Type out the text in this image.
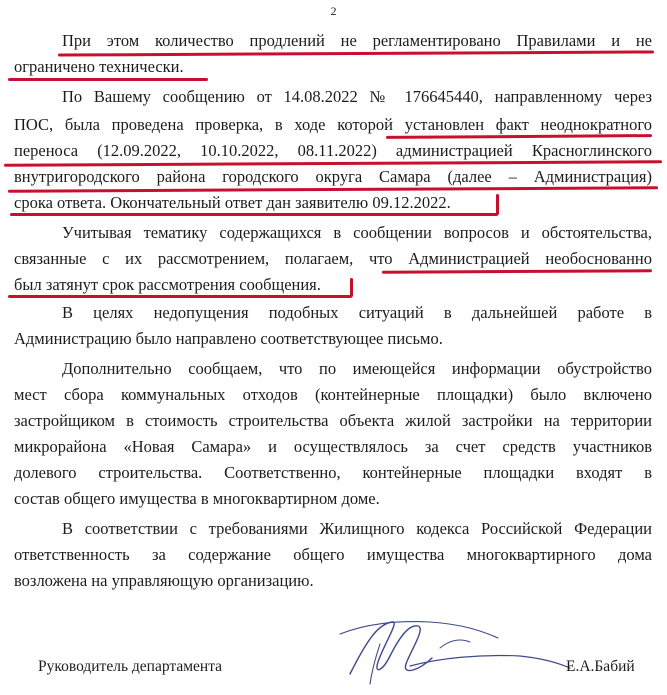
2
При этом количество продлений не регламентировано Правилами и не
ограничено технически.
По Вашему сообщению от 14.08.2022 № 176645440, направленному через
ПОС, была проведена проверка, в ходе которой установлен факт неоднократного
переноса (12.09.2022, 10.10.2022, 08.11.2022) администрацией Красноглинского
внутригородского района городского округа Самара (далее – Администрация)
срока ответа. Окончательный ответ дан заявителю 09.12.2022.
Учитывая тематику содержащихся в сообщении вопросов и обстоятельства,
связанные с их рассмотрением, полагаем, что Администрацией необоснованно
был затянут срок рассмотрения сообщения.
В целях недопущения подобных ситуаций в дальнейшей работе в
Администрацию было направлено соответствующее письмо.
Дополнительно сообщаем, что по имеющейся информации обустройство
мест сбора коммунальных отходов (контейнерные площадки) было включено
застройщиком в стоимость строительства объекта жилой застройки на территории
микрорайона «Новая Самара» и осуществлялось за счет средств участников
долевого строительства. Соответственно, контейнерные площадки входят в
состав общего имущества в многоквартирном доме.
В соответствии с требованиями Жилищного кодекса Российской Федерации
ответственность за содержание общего имущества многоквартирного дома
возложена на управляющую организацию.
Руководитель департамента	Е.А.Бабий
